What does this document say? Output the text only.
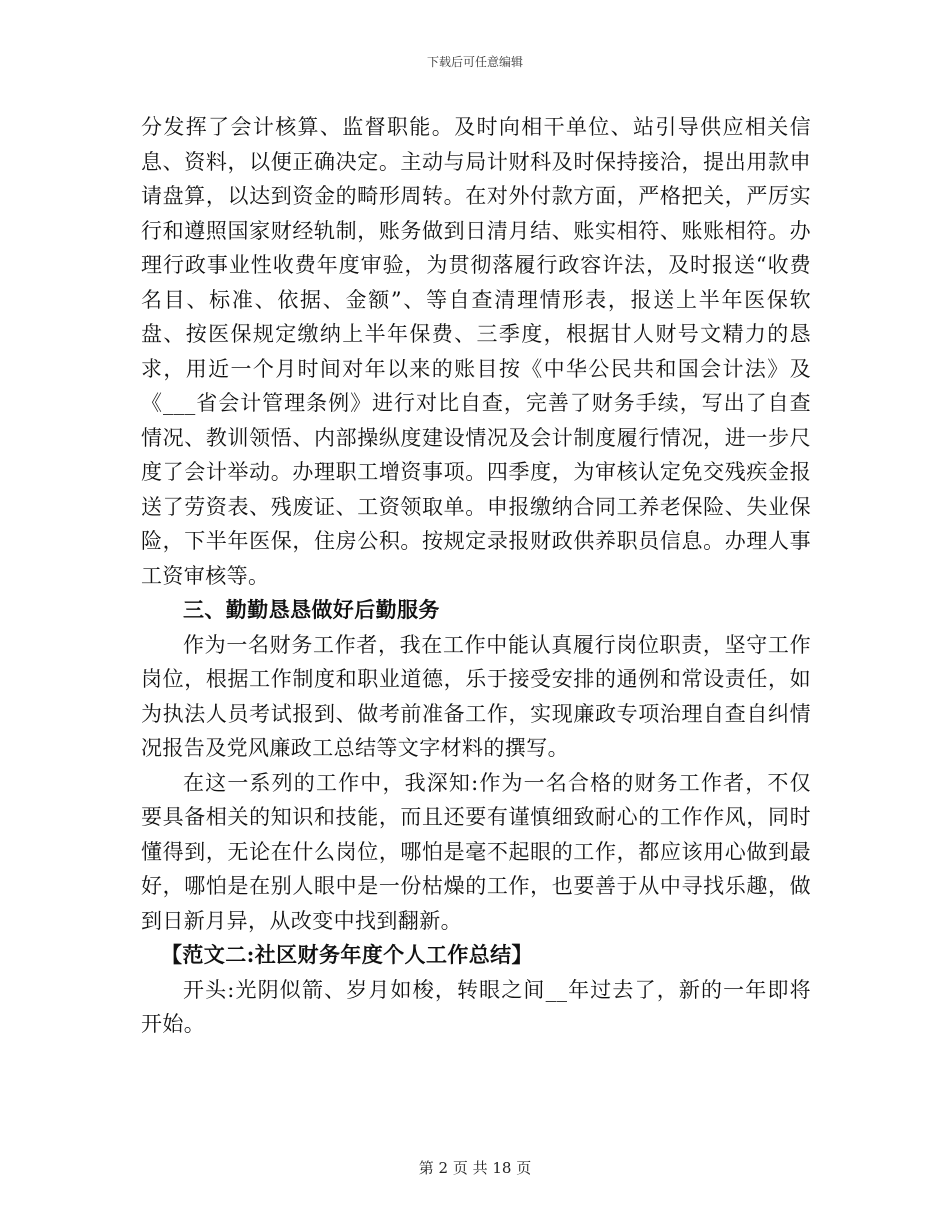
下载后可任意编辑

分发挥了会计核算、监督职能。及时向相干单位、站引导供应相关信息、资料，以便正确决定。主动与局计财科及时保持接洽，提出用款申请盘算，以达到资金的畸形周转。在对外付款方面，严格把关，严厉实行和遵照国家财经轨制，账务做到日清月结、账实相符、账账相符。办理行政事业性收费年度审验，为贯彻落履行政容许法，及时报送“收费名目、标准、依据、金额”、等自查清理情形表，报送上半年医保软盘、按医保规定缴纳上半年保费、三季度，根据甘人财号文精力的恳求，用近一个月时间对年以来的账目按《中华公民共和国会计法》及《___省会计管理条例》进行对比自查，完善了财务手续，写出了自查情况、教训领悟、内部操纵度建设情况及会计制度履行情况，进一步尺度了会计举动。办理职工增资事项。四季度，为审核认定免交残疾金报送了劳资表、残废证、工资领取单。申报缴纳合同工养老保险、失业保险，下半年医保，住房公积。按规定录报财政供养职员信息。办理人事工资审核等。

三、勤勤恳恳做好后勤服务

作为一名财务工作者，我在工作中能认真履行岗位职责，坚守工作岗位，根据工作制度和职业道德，乐于接受安排的通例和常设责任，如为执法人员考试报到、做考前准备工作，实现廉政专项治理自查自纠情况报告及党风廉政工总结等文字材料的撰写。

在这一系列的工作中，我深知:作为一名合格的财务工作者，不仅要具备相关的知识和技能，而且还要有谨慎细致耐心的工作作风，同时懂得到，无论在什么岗位，哪怕是毫不起眼的工作，都应该用心做到最好，哪怕是在别人眼中是一份枯燥的工作，也要善于从中寻找乐趣，做到日新月异，从改变中找到翻新。

【范文二:社区财务年度个人工作总结】

开头:光阴似箭、岁月如梭，转眼之间__年过去了，新的一年即将开始。

第 2 页 共 18 页
